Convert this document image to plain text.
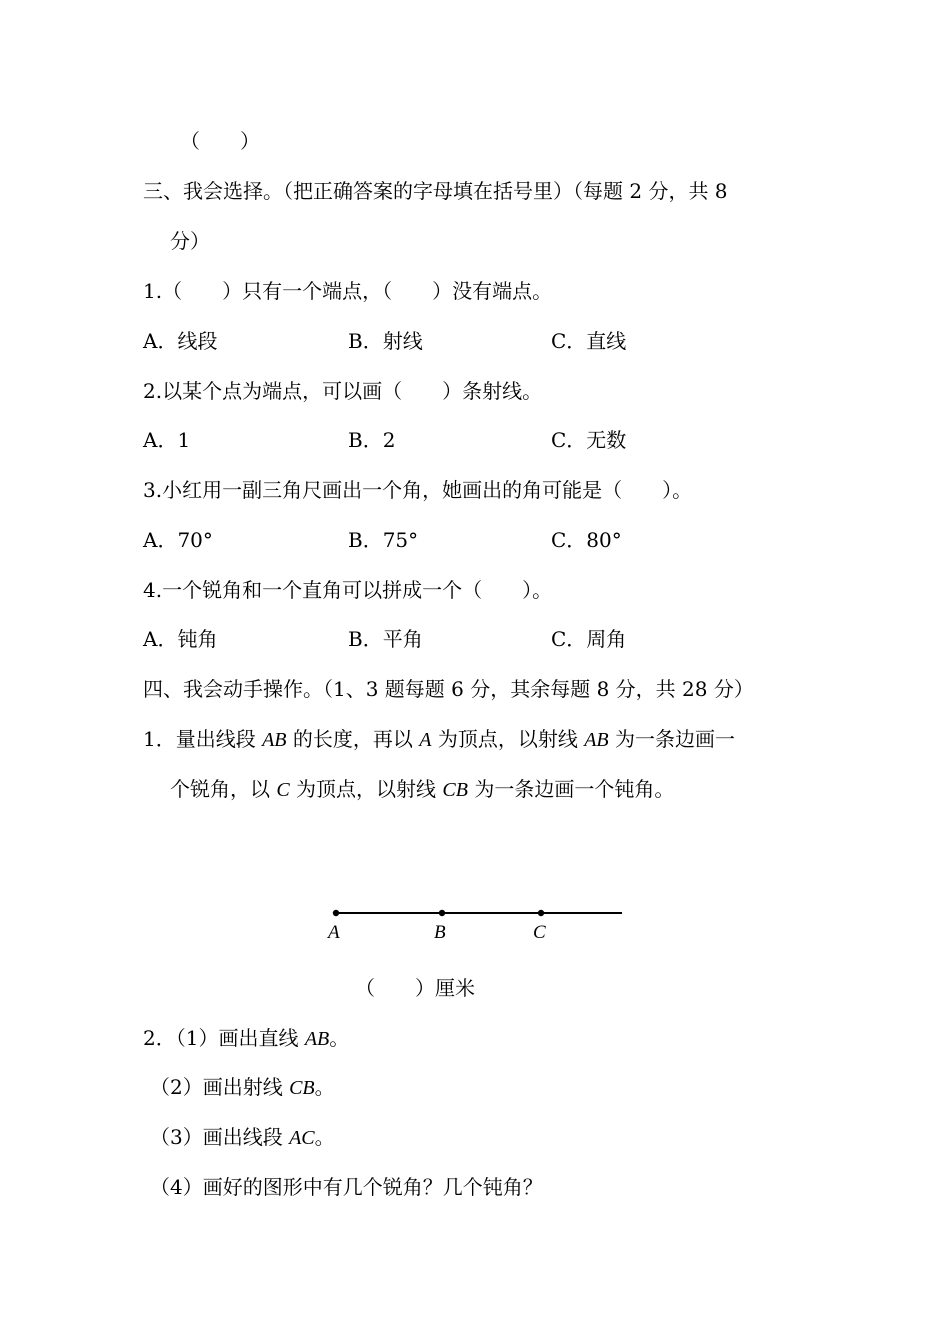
（　　）
三、我会选择。（把正确答案的字母填在括号里）（每题 2 分，共 8
分）
1.（　　）只有一个端点，（　　）没有端点。
A．线段	B．射线	C．直线
2.以某个点为端点，可以画（　　）条射线。
A．1	B．2	C．无数
3.小红用一副三角尺画出一个角，她画出的角可能是（　　）。
A．70°	B．75°	C．80°
4.一个锐角和一个直角可以拼成一个（　　）。
A．钝角	B．平角	C．周角
四、我会动手操作。（1、3 题每题 6 分，其余每题 8 分，共 28 分）
1．量出线段 AB 的长度，再以 A 为顶点，以射线 AB 为一条边画一
个锐角，以 C 为顶点，以射线 CB 为一条边画一个钝角。
A	B	C
（　　）厘米
2．（1）画出直线 AB。
（2）画出射线 CB。
（3）画出线段 AC。
（4）画好的图形中有几个锐角？几个钝角？
